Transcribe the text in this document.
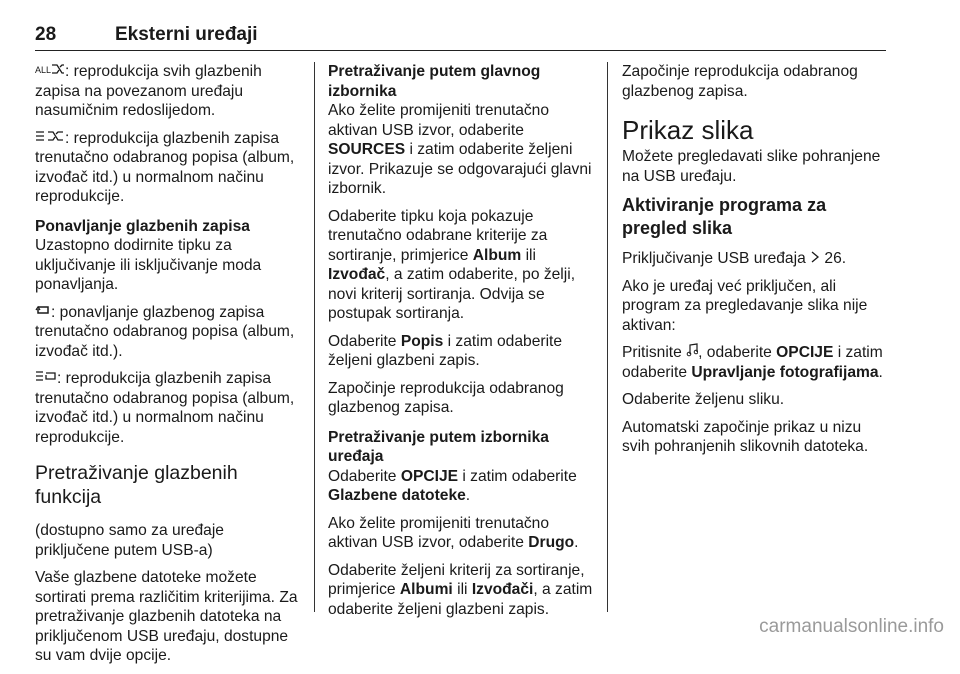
28	Eksterni uređaji

ALL : reprodukcija svih glazbenih zapisa na povezanom uređaju nasumičnim redoslijedom.

: reprodukcija glazbenih zapisa trenutačno odabranog popisa (album, izvođač itd.) u normalnom načinu reprodukcije.

Ponavljanje glazbenih zapisa

Uzastopno dodirnite tipku za uključivanje ili isključivanje moda ponavljanja.

: ponavljanje glazbenog zapisa trenutačno odabranog popisa (album, izvođač itd.).

: reprodukcija glazbenih zapisa trenutačno odabranog popisa (album, izvođač itd.) u normalnom načinu reprodukcije.

Pretraživanje glazbenih funkcija

(dostupno samo za uređaje priključene putem USB-a)

Vaše glazbene datoteke možete sortirati prema različitim kriterijima. Za pretraživanje glazbenih datoteka na priključenom USB uređaju, dostupne su vam dvije opcije.

Pretraživanje putem glavnog izbornika

Ako želite promijeniti trenutačno aktivan USB izvor, odaberite SOURCES i zatim odaberite željeni izvor. Prikazuje se odgovarajući glavni izbornik.

Odaberite tipku koja pokazuje trenutačno odabrane kriterije za sortiranje, primjerice Album ili Izvođač, a zatim odaberite, po želji, novi kriterij sortiranja. Odvija se postupak sortiranja.

Odaberite Popis i zatim odaberite željeni glazbeni zapis.

Započinje reprodukcija odabranog glazbenog zapisa.

Pretraživanje putem izbornika uređaja

Odaberite OPCIJE i zatim odaberite Glazbene datoteke.

Ako želite promijeniti trenutačno aktivan USB izvor, odaberite Drugo.

Odaberite željeni kriterij za sortiranje, primjerice Albumi ili Izvođači, a zatim odaberite željeni glazbeni zapis.

Započinje reprodukcija odabranog glazbenog zapisa.

Prikaz slika

Možete pregledavati slike pohranjene na USB uređaju.

Aktiviranje programa za pregled slika

Priključivanje USB uređaja  26.

Ako je uređaj već priključen, ali program za pregledavanje slika nije aktivan:

Pritisnite , odaberite OPCIJE i zatim odaberite Upravljanje fotografijama.

Odaberite željenu sliku.

Automatski započinje prikaz u nizu svih pohranjenih slikovnih datoteka.

carmanualsonline.info
